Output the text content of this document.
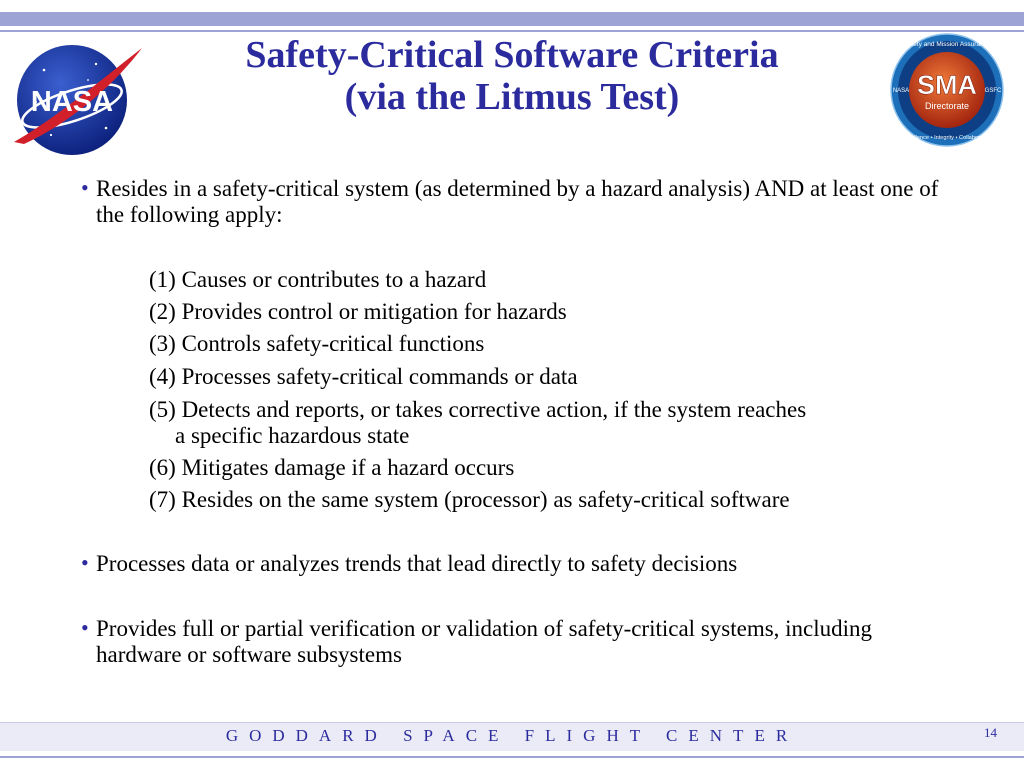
NASA
SMA
Directorate
Safety and Mission Assurance
Excellence • Integrity • Collaboration
NASA	GSFC
Safety-Critical Software Criteria
(via the Litmus Test)
• Resides in a safety-critical system (as determined by a hazard analysis) AND at least one of the following apply:
(1) Causes or contributes to a hazard
(2) Provides control or mitigation for hazards
(3) Controls safety-critical functions
(4) Processes safety-critical commands or data
(5) Detects and reports, or takes corrective action, if the system reaches
a specific hazardous state
(6) Mitigates damage if a hazard occurs
(7) Resides on the same system (processor) as safety-critical software
• Processes data or analyzes trends that lead directly to safety decisions
• Provides full or partial verification or validation of safety-critical systems, including hardware or software subsystems
GODDARD SPACE FLIGHT CENTER	14
